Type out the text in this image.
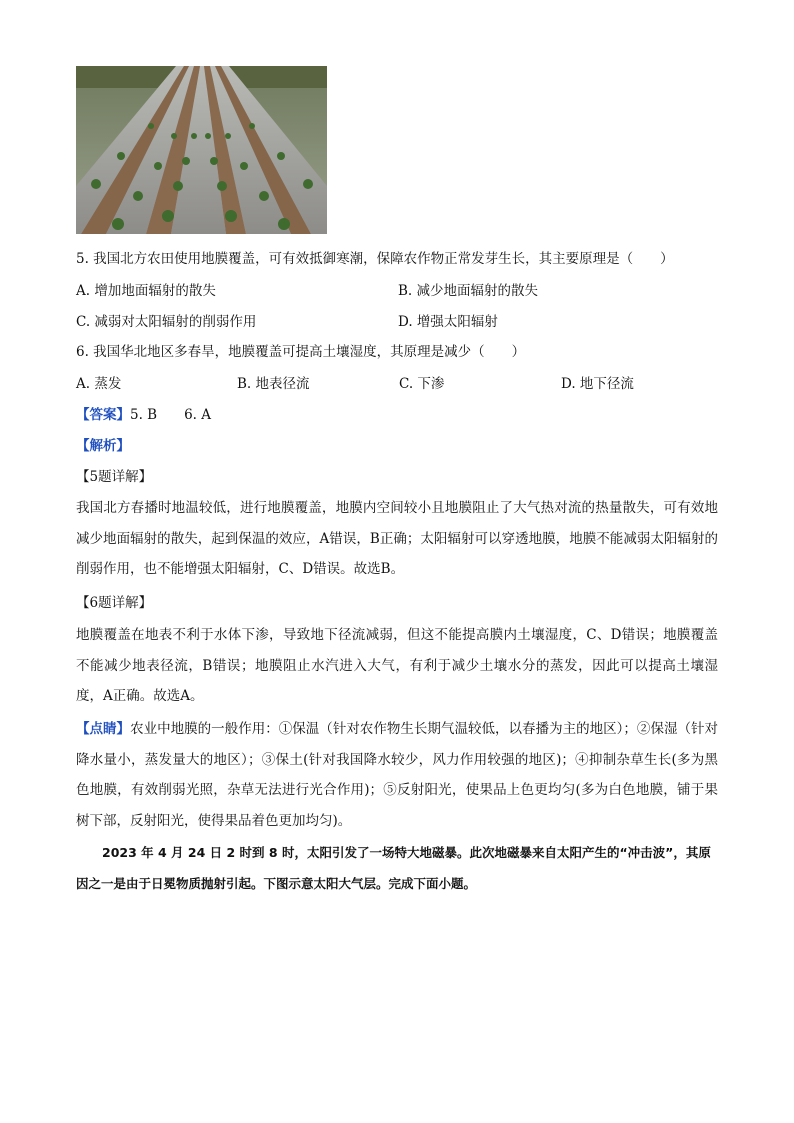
5. 我国北方农田使用地膜覆盖，可有效抵御寒潮，保障农作物正常发芽生长，其主要原理是（　　）
A. 增加地面辐射的散失	B. 减少地面辐射的散失
C. 减弱对太阳辐射的削弱作用	D. 增强太阳辐射
6. 我国华北地区多春旱，地膜覆盖可提高土壤湿度，其原理是减少（　　）
A. 蒸发	B. 地表径流	C. 下渗	D. 地下径流
【答案】5. B　　6. A
【解析】
【5题详解】
我国北方春播时地温较低，进行地膜覆盖，地膜内空间较小且地膜阻止了大气热对流的热量散失，可有效地减少地面辐射的散失，起到保温的效应，A错误，B正确；太阳辐射可以穿透地膜，地膜不能减弱太阳辐射的削弱作用，也不能增强太阳辐射，C、D错误。故选B。
【6题详解】
地膜覆盖在地表不利于水体下渗，导致地下径流减弱，但这不能提高膜内土壤湿度，C、D错误；地膜覆盖不能减少地表径流，B错误；地膜阻止水汽进入大气，有利于减少土壤水分的蒸发，因此可以提高土壤湿度，A正确。故选A。
【点睛】农业中地膜的一般作用：①保温（针对农作物生长期气温较低，以春播为主的地区）；②保湿（针对降水量小，蒸发量大的地区）；③保土(针对我国降水较少，风力作用较强的地区)；④抑制杂草生长(多为黑色地膜，有效削弱光照，杂草无法进行光合作用)；⑤反射阳光，使果品上色更均匀(多为白色地膜，铺于果树下部，反射阳光，使得果品着色更加均匀)。
2023 年 4 月 24 日 2 时到 8 时，太阳引发了一场特大地磁暴。此次地磁暴来自太阳产生的“冲击波”，其原因之一是由于日冕物质抛射引起。下图示意太阳大气层。完成下面小题。
